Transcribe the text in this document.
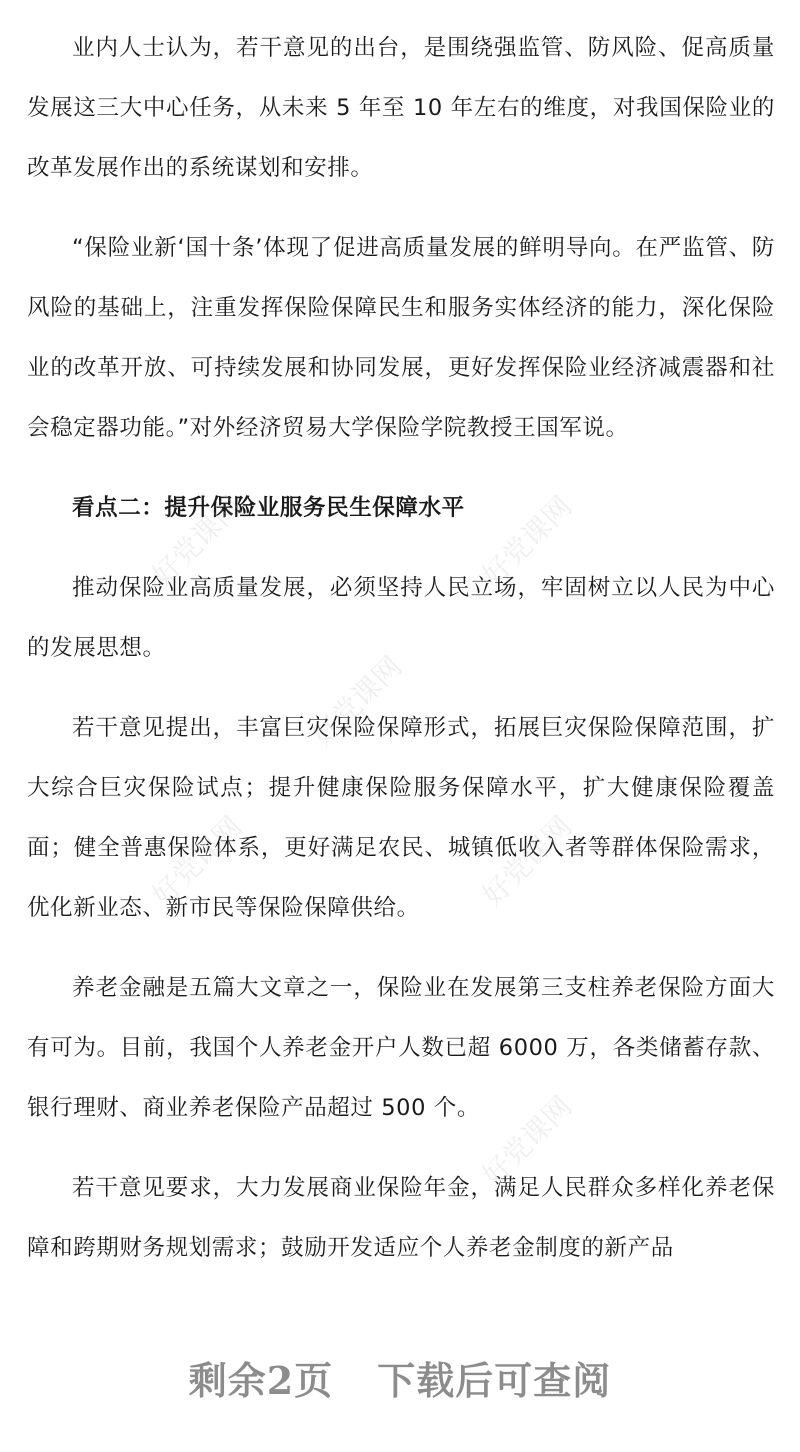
业内人士认为，若干意见的出台，是围绕强监管、防风险、促高质量发展这三大中心任务，从未来 5 年至 10 年左右的维度，对我国保险业的改革发展作出的系统谋划和安排。

“保险业新‘国十条’体现了促进高质量发展的鲜明导向。在严监管、防风险的基础上，注重发挥保险保障民生和服务实体经济的能力，深化保险业的改革开放、可持续发展和协同发展，更好发挥保险业经济减震器和社会稳定器功能。”对外经济贸易大学保险学院教授王国军说。

看点二：提升保险业服务民生保障水平

推动保险业高质量发展，必须坚持人民立场，牢固树立以人民为中心的发展思想。

若干意见提出，丰富巨灾保险保障形式，拓展巨灾保险保障范围，扩大综合巨灾保险试点；提升健康保险服务保障水平，扩大健康保险覆盖面；健全普惠保险体系，更好满足农民、城镇低收入者等群体保险需求，优化新业态、新市民等保险保障供给。

养老金融是五篇大文章之一，保险业在发展第三支柱养老保险方面大有可为。目前，我国个人养老金开户人数已超 6000 万，各类储蓄存款、银行理财、商业养老保险产品超过 500 个。

若干意见要求，大力发展商业保险年金，满足人民群众多样化养老保障和跨期财务规划需求；鼓励开发适应个人养老金制度的新产品

好党课网	好党课网
好党课网
好党课网	好党课网
好党课网
剩余2页 下载后可查阅
